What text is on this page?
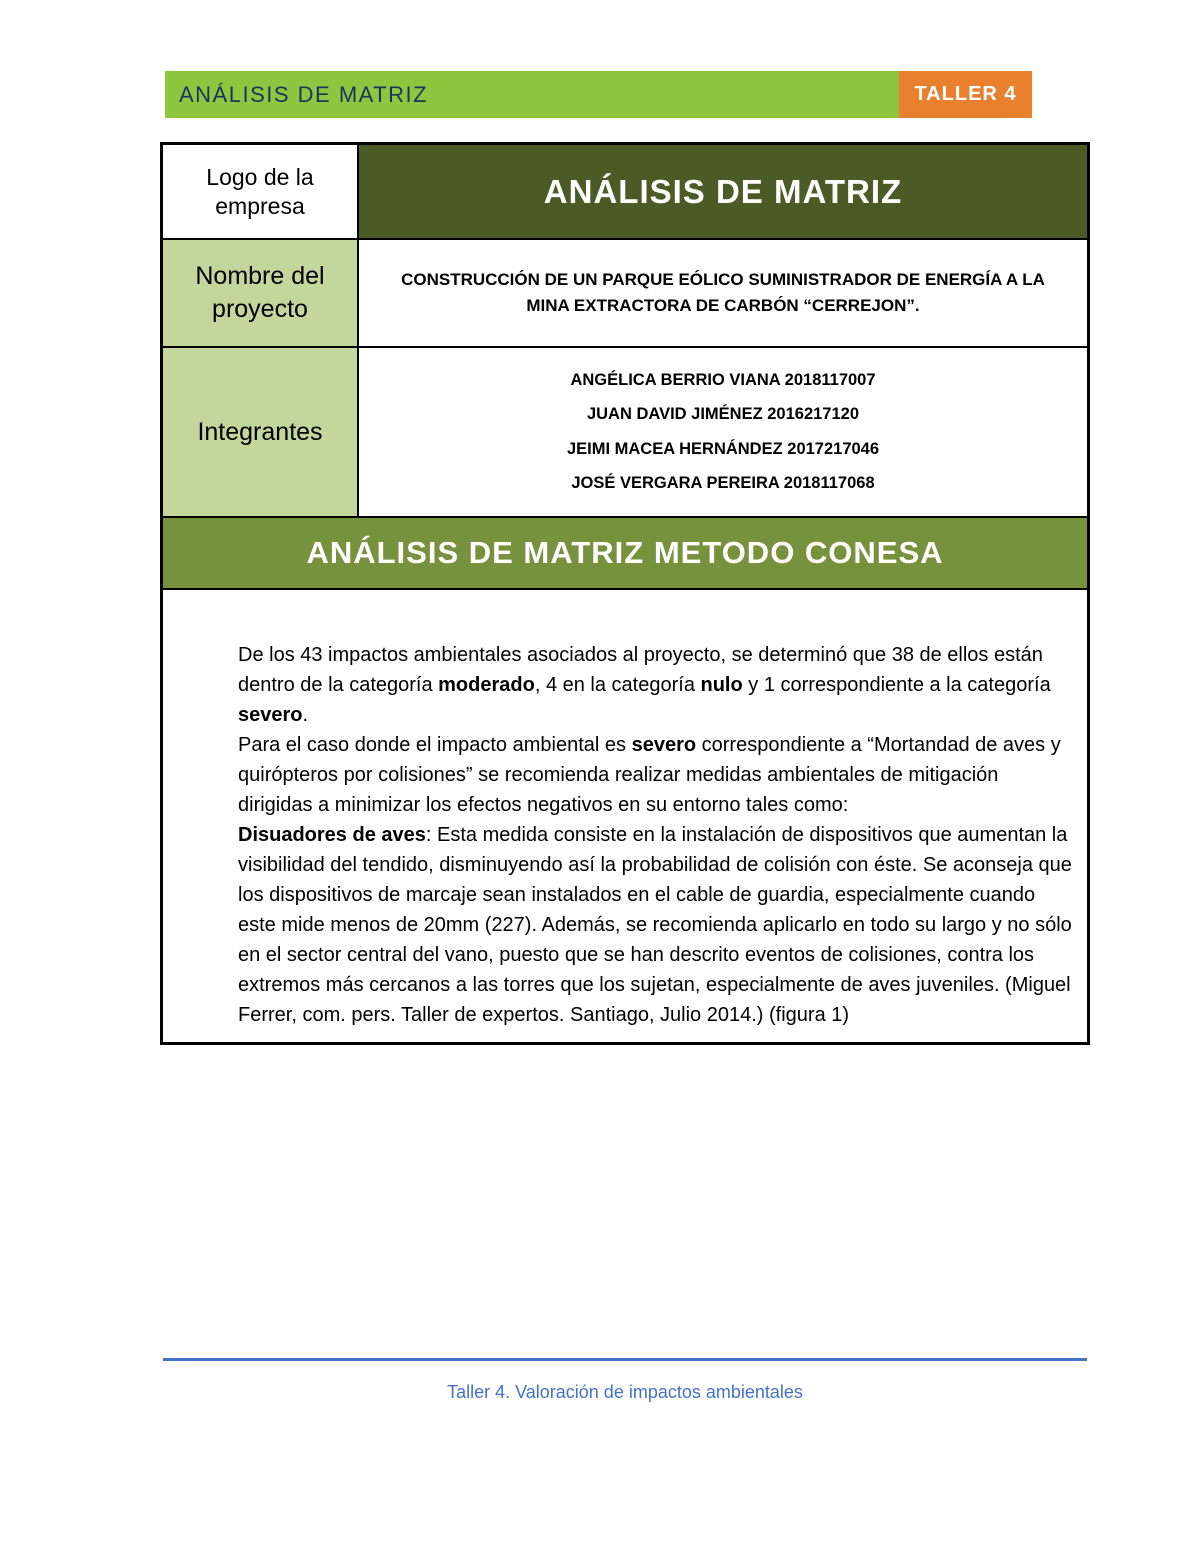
ANÁLISIS DE MATRIZ	TALLER 4
Logo de la empresa	ANÁLISIS DE MATRIZ
Nombre del proyecto
CONSTRUCCIÓN DE UN PARQUE EÓLICO SUMINISTRADOR DE ENERGÍA A LA MINA EXTRACTORA DE CARBÓN “CERREJON”.
Integrantes
ANGÉLICA BERRIO VIANA 2018117007
JUAN DAVID JIMÉNEZ 2016217120
JEIMI MACEA HERNÁNDEZ 2017217046
JOSÉ VERGARA PEREIRA 2018117068
ANÁLISIS DE MATRIZ METODO CONESA

De los 43 impactos ambientales asociados al proyecto, se determinó que 38 de ellos están dentro de la categoría moderado, 4 en la categoría nulo y 1 correspondiente a la categoría severo.

Para el caso donde el impacto ambiental es severo correspondiente a “Mortandad de aves y quirópteros por colisiones” se recomienda realizar medidas ambientales de mitigación dirigidas a minimizar los efectos negativos en su entorno tales como:

Disuadores de aves: Esta medida consiste en la instalación de dispositivos que aumentan la visibilidad del tendido, disminuyendo así la probabilidad de colisión con éste. Se aconseja que los dispositivos de marcaje sean instalados en el cable de guardia, especialmente cuando este mide menos de 20mm (227). Además, se recomienda aplicarlo en todo su largo y no sólo en el sector central del vano, puesto que se han descrito eventos de colisiones, contra los extremos más cercanos a las torres que los sujetan, especialmente de aves juveniles. (Miguel Ferrer, com. pers. Taller de expertos. Santiago, Julio 2014.) (figura 1)

Taller 4. Valoración de impactos ambientales
